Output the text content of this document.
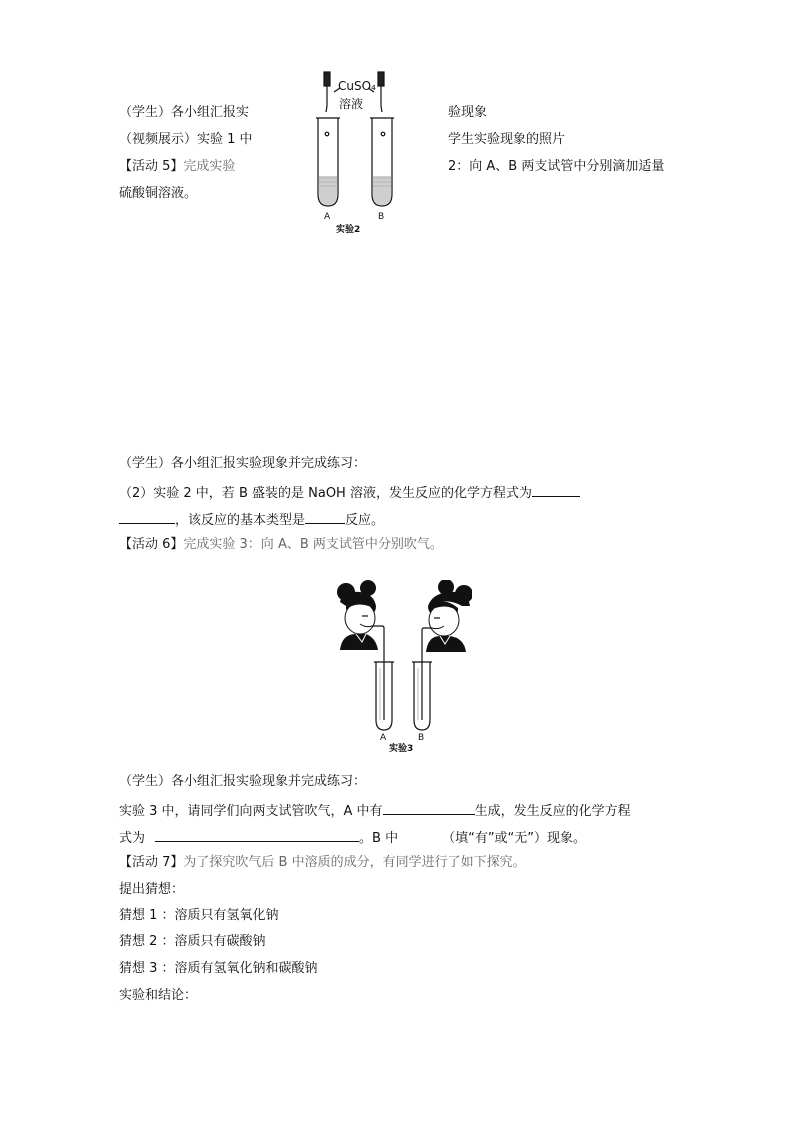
（学生）各小组汇报实	验现象
（视频展示）实验 1 中	学生实验现象的照片
【活动 5】完成实验	2：向 A、B 两支试管中分别滴加适量
硫酸铜溶液。
CuSO₄
溶液
A	B
实验2
（学生）各小组汇报实验现象并完成练习：
（2）实验 2 中，若 B 盛装的是 NaOH 溶液，发生反应的化学方程式为
，该反应的基本类型是	反应。
【活动 6】完成实验 3：向 A、B 两支试管中分别吹气。
A	B
实验3
（学生）各小组汇报实验现象并完成练习：
实验 3 中，请同学们向两支试管吹气，A 中有	生成，发生反应的化学方程
式为	。B 中	（填“有”或“无”）现象。
【活动 7】为了探究吹气后 B 中溶质的成分，有同学进行了如下探究。
提出猜想：
猜想 1 ：溶质只有氢氧化钠
猜想 2 ：溶质只有碳酸钠
猜想 3 ：溶质有氢氧化钠和碳酸钠
实验和结论：
